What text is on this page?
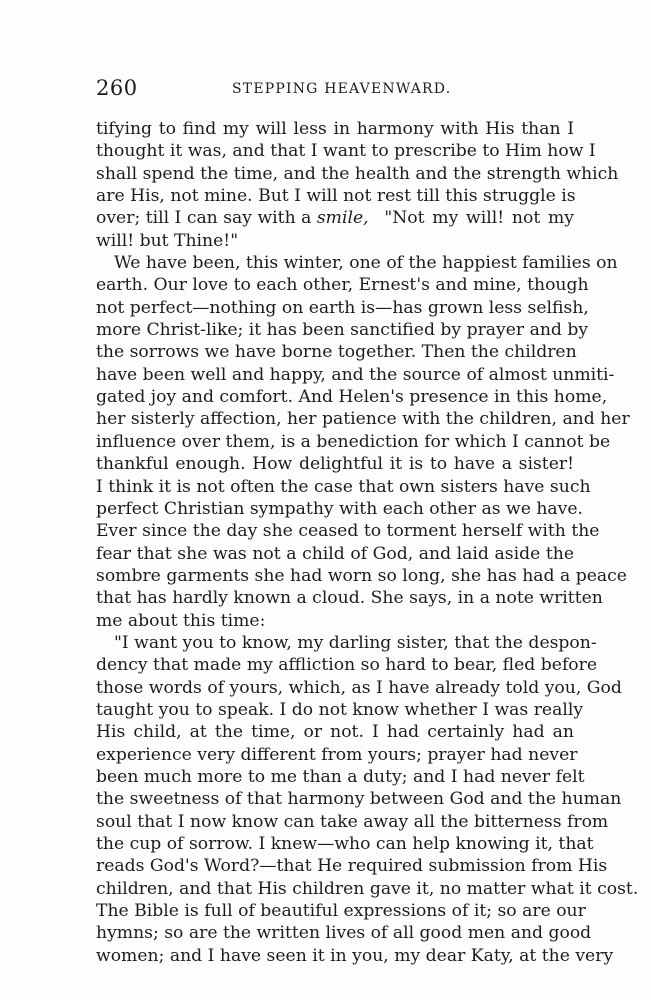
260	STEPPING HEAVENWARD.
tifying to find my will less in harmony with His than I
thought it was, and that I want to prescribe to Him how I
shall spend the time, and the health and the strength which
are His, not mine. But I will not rest till this struggle is
over; till I can say with a smile, "Not my will! not my
will! but Thine!"
We have been, this winter, one of the happiest families on
earth. Our love to each other, Ernest's and mine, though
not perfect—nothing on earth is—has grown less selfish,
more Christ-like; it has been sanctified by prayer and by
the sorrows we have borne together. Then the children
have been well and happy, and the source of almost unmiti-
gated joy and comfort. And Helen's presence in this home,
her sisterly affection, her patience with the children, and her
influence over them, is a benediction for which I cannot be
thankful enough. How delightful it is to have a sister!
I think it is not often the case that own sisters have such
perfect Christian sympathy with each other as we have.
Ever since the day she ceased to torment herself with the
fear that she was not a child of God, and laid aside the
sombre garments she had worn so long, she has had a peace
that has hardly known a cloud. She says, in a note written
me about this time:
"I want you to know, my darling sister, that the despon-
dency that made my affliction so hard to bear, fled before
those words of yours, which, as I have already told you, God
taught you to speak. I do not know whether I was really
His child, at the time, or not. I had certainly had an
experience very different from yours; prayer had never
been much more to me than a duty; and I had never felt
the sweetness of that harmony between God and the human
soul that I now know can take away all the bitterness from
the cup of sorrow. I knew—who can help knowing it, that
reads God's Word?—that He required submission from His
children, and that His children gave it, no matter what it cost.
The Bible is full of beautiful expressions of it; so are our
hymns; so are the written lives of all good men and good
women; and I have seen it in you, my dear Katy, at the very
